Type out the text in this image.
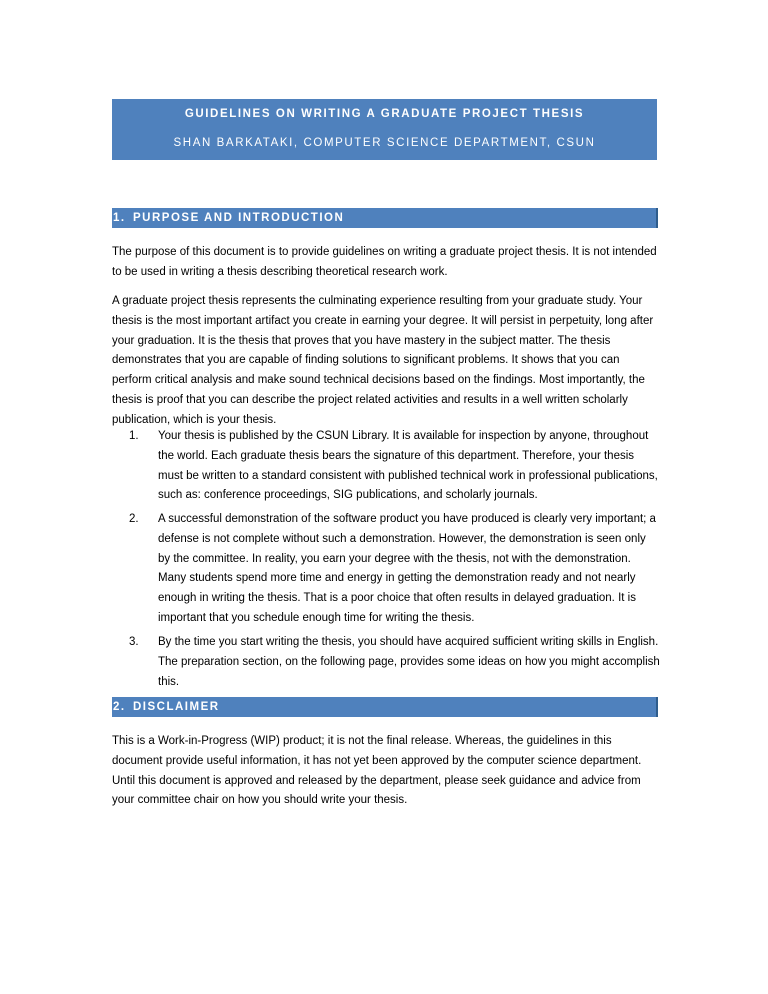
GUIDELINES ON WRITING A GRADUATE PROJECT THESIS
SHAN BARKATAKI, COMPUTER SCIENCE DEPARTMENT, CSUN
1. PURPOSE AND INTRODUCTION

The purpose of this document is to provide guidelines on writing a graduate project thesis. It is not intended to be used in writing a thesis describing theoretical research work.

A graduate project thesis represents the culminating experience resulting from your graduate study. Your thesis is the most important artifact you create in earning your degree. It will persist in perpetuity, long after your graduation. It is the thesis that proves that you have mastery in the subject matter. The thesis demonstrates that you are capable of finding solutions to significant problems. It shows that you can perform critical analysis and make sound technical decisions based on the findings. Most importantly, the thesis is proof that you can describe the project related activities and results in a well written scholarly publication, which is your thesis.

1. Your thesis is published by the CSUN Library. It is available for inspection by anyone, throughout the world. Each graduate thesis bears the signature of this department. Therefore, your thesis must be written to a standard consistent with published technical work in professional publications, such as: conference proceedings, SIG publications, and scholarly journals.
2. A successful demonstration of the software product you have produced is clearly very important; a defense is not complete without such a demonstration. However, the demonstration is seen only by the committee. In reality, you earn your degree with the thesis, not with the demonstration. Many students spend more time and energy in getting the demonstration ready and not nearly enough in writing the thesis. That is a poor choice that often results in delayed graduation. It is important that you schedule enough time for writing the thesis.
3. By the time you start writing the thesis, you should have acquired sufficient writing skills in English. The preparation section, on the following page, provides some ideas on how you might accomplish this.
2. DISCLAIMER

This is a Work-in-Progress (WIP) product; it is not the final release. Whereas, the guidelines in this document provide useful information, it has not yet been approved by the computer science department. Until this document is approved and released by the department, please seek guidance and advice from your committee chair on how you should write your thesis.
